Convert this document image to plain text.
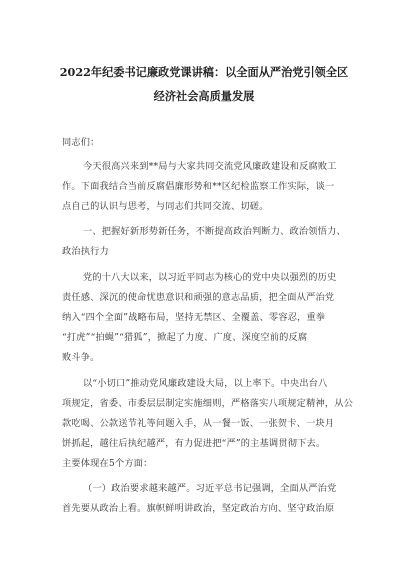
2022年纪委书记廉政党课讲稿：以全面从严治党引领全区

经济社会高质量发展

同志们：

今天很高兴来到**局与大家共同交流党风廉政建设和反腐败工

作。下面我结合当前反腐倡廉形势和**区纪检监察工作实际，谈一

点自己的认识与思考，与同志们共同交流、切磋。

一、把握好新形势新任务，不断提高政治判断力、政治领悟力、

政治执行力

党的十八大以来，以习近平同志为核心的党中央以强烈的历史

责任感、深沉的使命忧患意识和顽强的意志品质，把全面从严治党

纳入“四个全面”战略布局，坚持无禁区、全覆盖、零容忍，重拳

“打虎”“拍蝇”“猎狐”，掀起了力度、广度、深度空前的反腐

败斗争。

以“小切口”推动党风廉政建设大局，以上率下。中央出台八

项规定，省委、市委层层制定实施细则，严格落实八项规定精神，从公

款吃喝、公款送节礼等问题入手，从一餐一饭、一张贺卡、一块月

饼抓起，越往后执纪越严，有力促进把“严”的主基调贯彻下去。

主要体现在5个方面：

（一）政治要求越来越严。习近平总书记强调，全面从严治党

首先要从政治上看。旗帜鲜明讲政治，坚定政治方向、坚守政治原
